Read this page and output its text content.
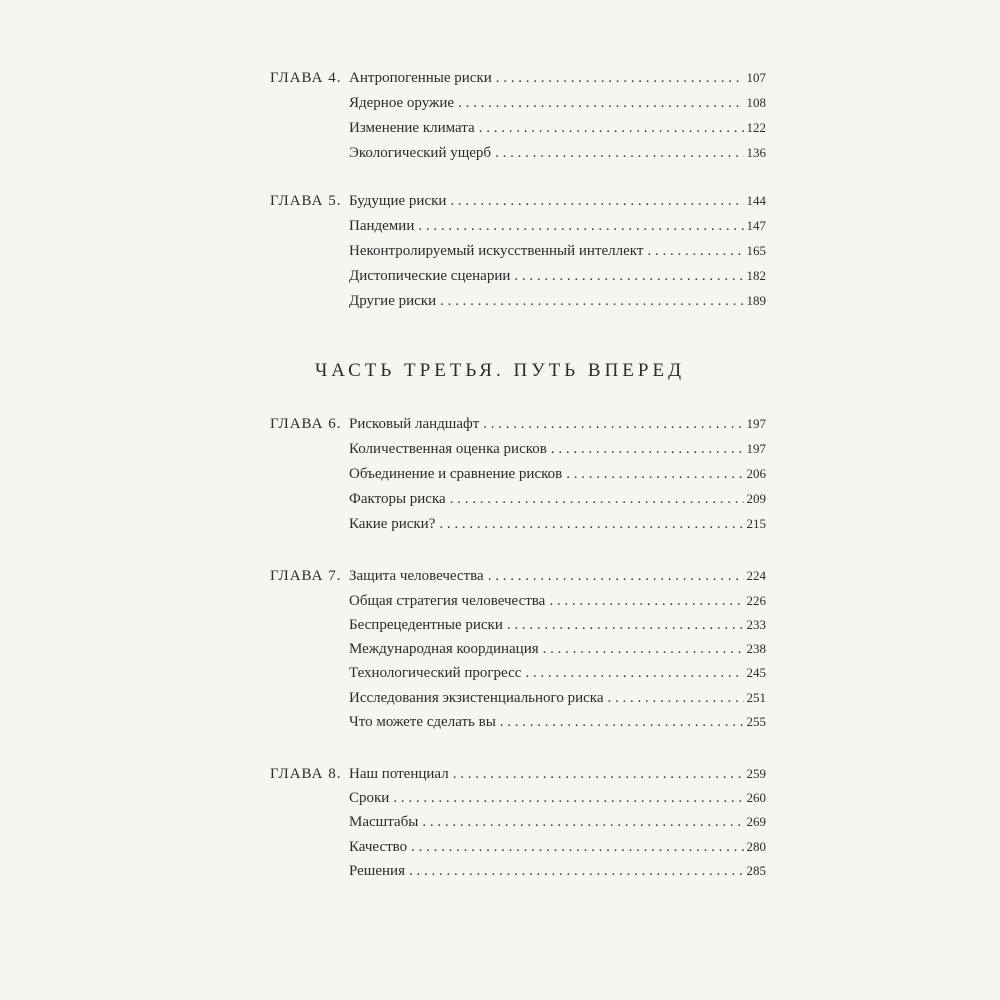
ГЛАВА 4. Антропогенные риски . . .	107
Ядерное оружие . . .	108
Изменение климата . . .	122
Экологический ущерб . . .	136
ГЛАВА 5. Будущие риски . . .	144
Пандемии . . .	147
Неконтролируемый искусственный интеллект . . .	165
Дистопические сценарии . . .	182
Другие риски . . .	189
ЧАСТЬ ТРЕТЬЯ. ПУТЬ ВПЕРЕД
ГЛАВА 6. Рисковый ландшафт . . .	197
Количественная оценка рисков . . .	197
Объединение и сравнение рисков . . .	206
Факторы риска . . .	209
Какие риски? . . .	215
ГЛАВА 7. Защита человечества . . .	224
Общая стратегия человечества . . .	226
Беспрецедентные риски . . .	233
Международная координация . . .	238
Технологический прогресс . . .	245
Исследования экзистенциального риска . . .	251
Что можете сделать вы . . .	255
ГЛАВА 8. Наш потенциал . . .	259
Сроки . . .	260
Масштабы . . .	269
Качество . . .	280
Решения . . .	285
